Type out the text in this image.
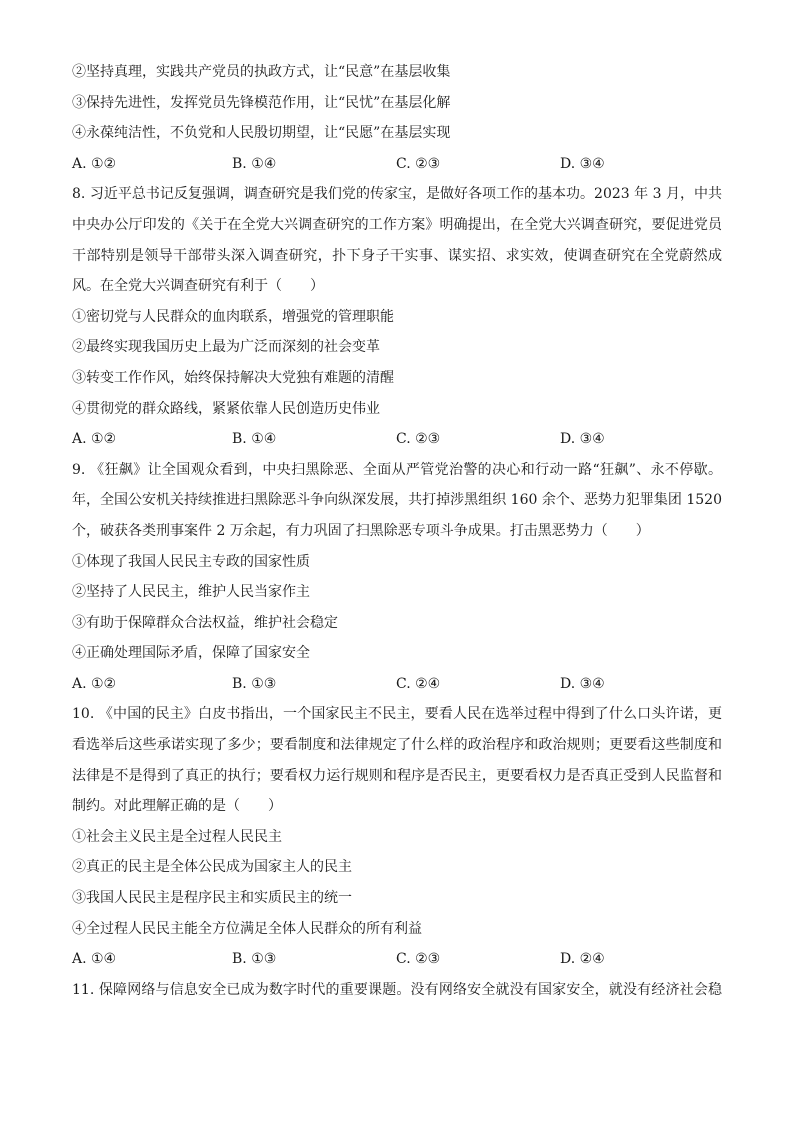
②坚持真理，实践共产党员的执政方式，让“民意”在基层收集
③保持先进性，发挥党员先锋模范作用，让“民忧”在基层化解
④永葆纯洁性，不负党和人民殷切期望，让“民愿”在基层实现
A. ①②	B. ①④	C. ②③	D. ③④
8. 习近平总书记反复强调，调查研究是我们党的传家宝，是做好各项工作的基本功。2023 年 3 月，中共
中央办公厅印发的《关于在全党大兴调查研究的工作方案》明确提出，在全党大兴调查研究，要促进党员
干部特别是领导干部带头深入调查研究，扑下身子干实事、谋实招、求实效，使调查研究在全党蔚然成
风。在全党大兴调查研究有利于（　　）
①密切党与人民群众的血肉联系，增强党的管理职能
②最终实现我国历史上最为广泛而深刻的社会变革
③转变工作作风，始终保持解决大党独有难题的清醒
④贯彻党的群众路线，紧紧依靠人民创造历史伟业
A. ①②	B. ①④	C. ②③	D. ③④
9. 《狂飙》让全国观众看到，中央扫黑除恶、全面从严管党治警的决心和行动一路“狂飙”、永不停歇。
年，全国公安机关持续推进扫黑除恶斗争向纵深发展，共打掉涉黑组织 160 余个、恶势力犯罪集团 1520
个，破获各类刑事案件 2 万余起，有力巩固了扫黑除恶专项斗争成果。打击黑恶势力（　　）
①体现了我国人民民主专政的国家性质
②坚持了人民民主，维护人民当家作主
③有助于保障群众合法权益，维护社会稳定
④正确处理国际矛盾，保障了国家安全
A. ①②	B. ①③	C. ②④	D. ③④
10. 《中国的民主》白皮书指出，一个国家民主不民主，要看人民在选举过程中得到了什么口头许诺，更
看选举后这些承诺实现了多少；要看制度和法律规定了什么样的政治程序和政治规则；更要看这些制度和
法律是不是得到了真正的执行；要看权力运行规则和程序是否民主，更要看权力是否真正受到人民监督和
制约。对此理解正确的是（　　）
①社会主义民主是全过程人民民主
②真正的民主是全体公民成为国家主人的民主
③我国人民民主是程序民主和实质民主的统一
④全过程人民民主能全方位满足全体人民群众的所有利益
A. ①④	B. ①③	C. ②③	D. ②④
11. 保障网络与信息安全已成为数字时代的重要课题。没有网络安全就没有国家安全，就没有经济社会稳
